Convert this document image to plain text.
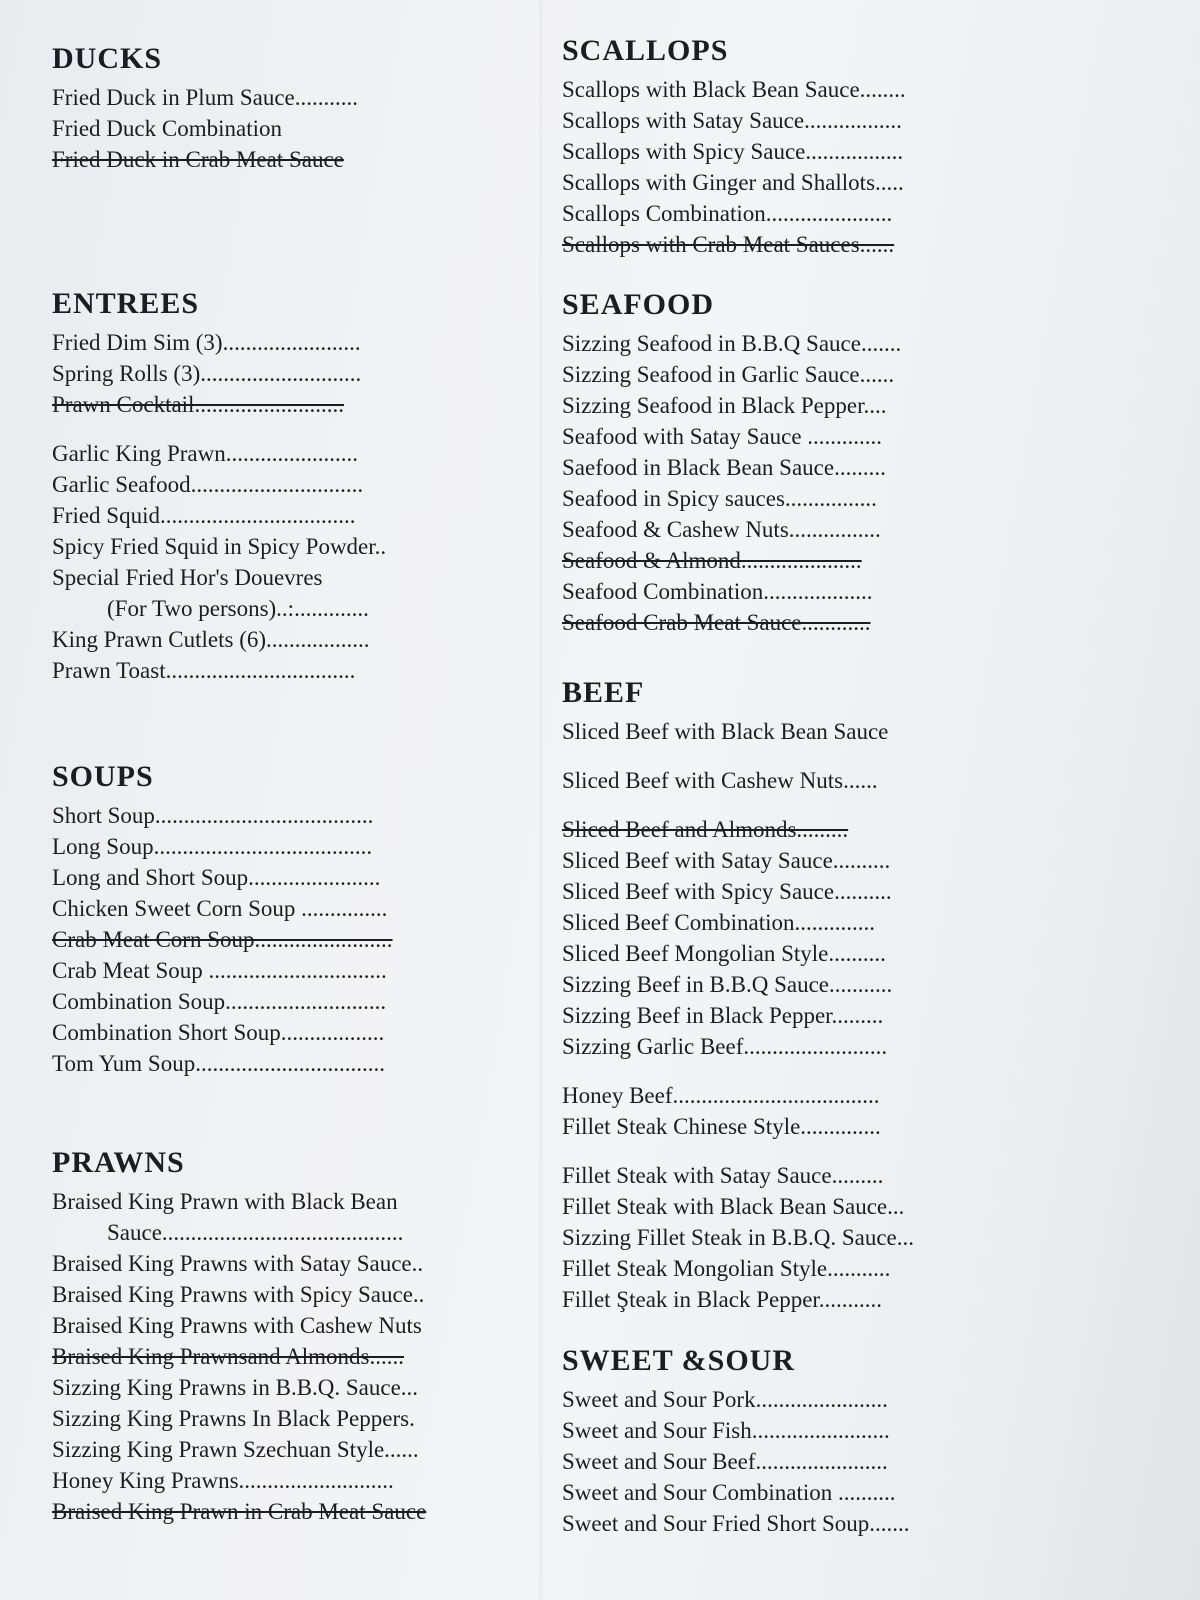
DUCKS
Fried Duck in Plum Sauce...........
Fried Duck Combination
Fried Duck in Crab Meat Sauce
ENTREES
Fried Dim Sim (3)........................
Spring Rolls (3)............................
Prawn Cocktail..........................
Garlic King Prawn.......................
Garlic Seafood..............................
Fried Squid..................................
Spicy Fried Squid in Spicy Powder..
Special Fried Hor's Douevres
(For Two persons)..:.............
King Prawn Cutlets (6)..................
Prawn Toast.................................
SOUPS
Short Soup......................................
Long Soup......................................
Long and Short Soup.......................
Chicken Sweet Corn Soup ...............
Crab Meat Corn Soup........................
Crab Meat Soup ...............................
Combination Soup............................
Combination Short Soup..................
Tom Yum Soup.................................
PRAWNS
Braised King Prawn with Black Bean
Sauce..........................................
Braised King Prawns with Satay Sauce..
Braised King Prawns with Spicy Sauce..
Braised King Prawns with Cashew Nuts
Braised King Prawnsand Almonds......
Sizzing King Prawns in B.B.Q. Sauce...
Sizzing King Prawns In Black Peppers.
Sizzing King Prawn Szechuan Style......
Honey King Prawns...........................
Braised King Prawn in Crab Meat Sauce
SCALLOPS
Scallops with Black Bean Sauce........
Scallops with Satay Sauce.................
Scallops with Spicy Sauce.................
Scallops with Ginger and Shallots.....
Scallops Combination......................
Scallops with Crab Meat Sauces......
SEAFOOD
Sizzing Seafood in B.B.Q Sauce.......
Sizzing Seafood in Garlic Sauce......
Sizzing Seafood in Black Pepper....
Seafood with Satay Sauce .............
Saefood in Black Bean Sauce.........
Seafood in Spicy sauces................
Seafood & Cashew Nuts................
Seafood & Almond.....................
Seafood Combination...................
Seafood Crab Meat Sauce............
BEEF
Sliced Beef with Black Bean Sauce
Sliced Beef with Cashew Nuts......
Sliced Beef and Almonds.........
Sliced Beef with Satay Sauce..........
Sliced Beef with Spicy Sauce..........
Sliced Beef Combination..............
Sliced Beef Mongolian Style..........
Sizzing Beef in B.B.Q Sauce...........
Sizzing Beef in Black Pepper.........
Sizzing Garlic Beef.........................
Honey Beef....................................
Fillet Steak Chinese Style..............
Fillet Steak with Satay Sauce.........
Fillet Steak with Black Bean Sauce...
Sizzing Fillet Steak in B.B.Q. Sauce...
Fillet Steak Mongolian Style...........
Fillet Şteak in Black Pepper...........
SWEET &SOUR
Sweet and Sour Pork.......................
Sweet and Sour Fish........................
Sweet and Sour Beef.......................
Sweet and Sour Combination ..........
Sweet and Sour Fried Short Soup.......
